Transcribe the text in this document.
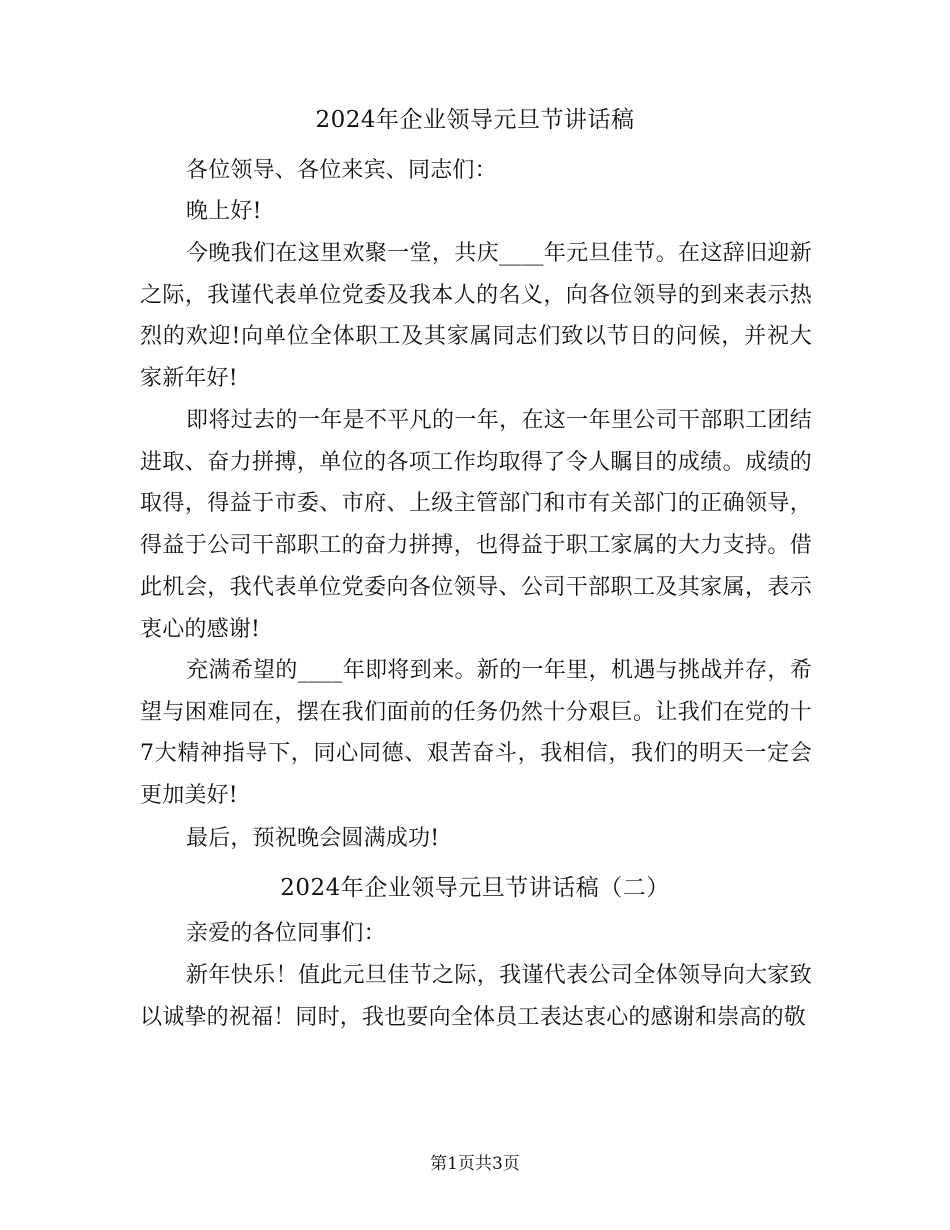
2024年企业领导元旦节讲话稿

各位领导、各位来宾、同志们：

晚上好!

今晚我们在这里欢聚一堂，共庆____年元旦佳节。在这辞旧迎新之际，我谨代表单位党委及我本人的名义，向各位领导的到来表示热烈的欢迎!向单位全体职工及其家属同志们致以节日的问候，并祝大家新年好!

即将过去的一年是不平凡的一年，在这一年里公司干部职工团结进取、奋力拼搏，单位的各项工作均取得了令人瞩目的成绩。成绩的取得，得益于市委、市府、上级主管部门和市有关部门的正确领导，得益于公司干部职工的奋力拼搏，也得益于职工家属的大力支持。借此机会，我代表单位党委向各位领导、公司干部职工及其家属，表示衷心的感谢!

充满希望的____年即将到来。新的一年里，机遇与挑战并存，希望与困难同在，摆在我们面前的任务仍然十分艰巨。让我们在党的十7大精神指导下，同心同德、艰苦奋斗，我相信，我们的明天一定会更加美好!

最后，预祝晚会圆满成功!

2024年企业领导元旦节讲话稿（二）

亲爱的各位同事们：

新年快乐！值此元旦佳节之际，我谨代表公司全体领导向大家致以诚挚的祝福！同时，我也要向全体员工表达衷心的感谢和崇高的敬

第1页共3页
